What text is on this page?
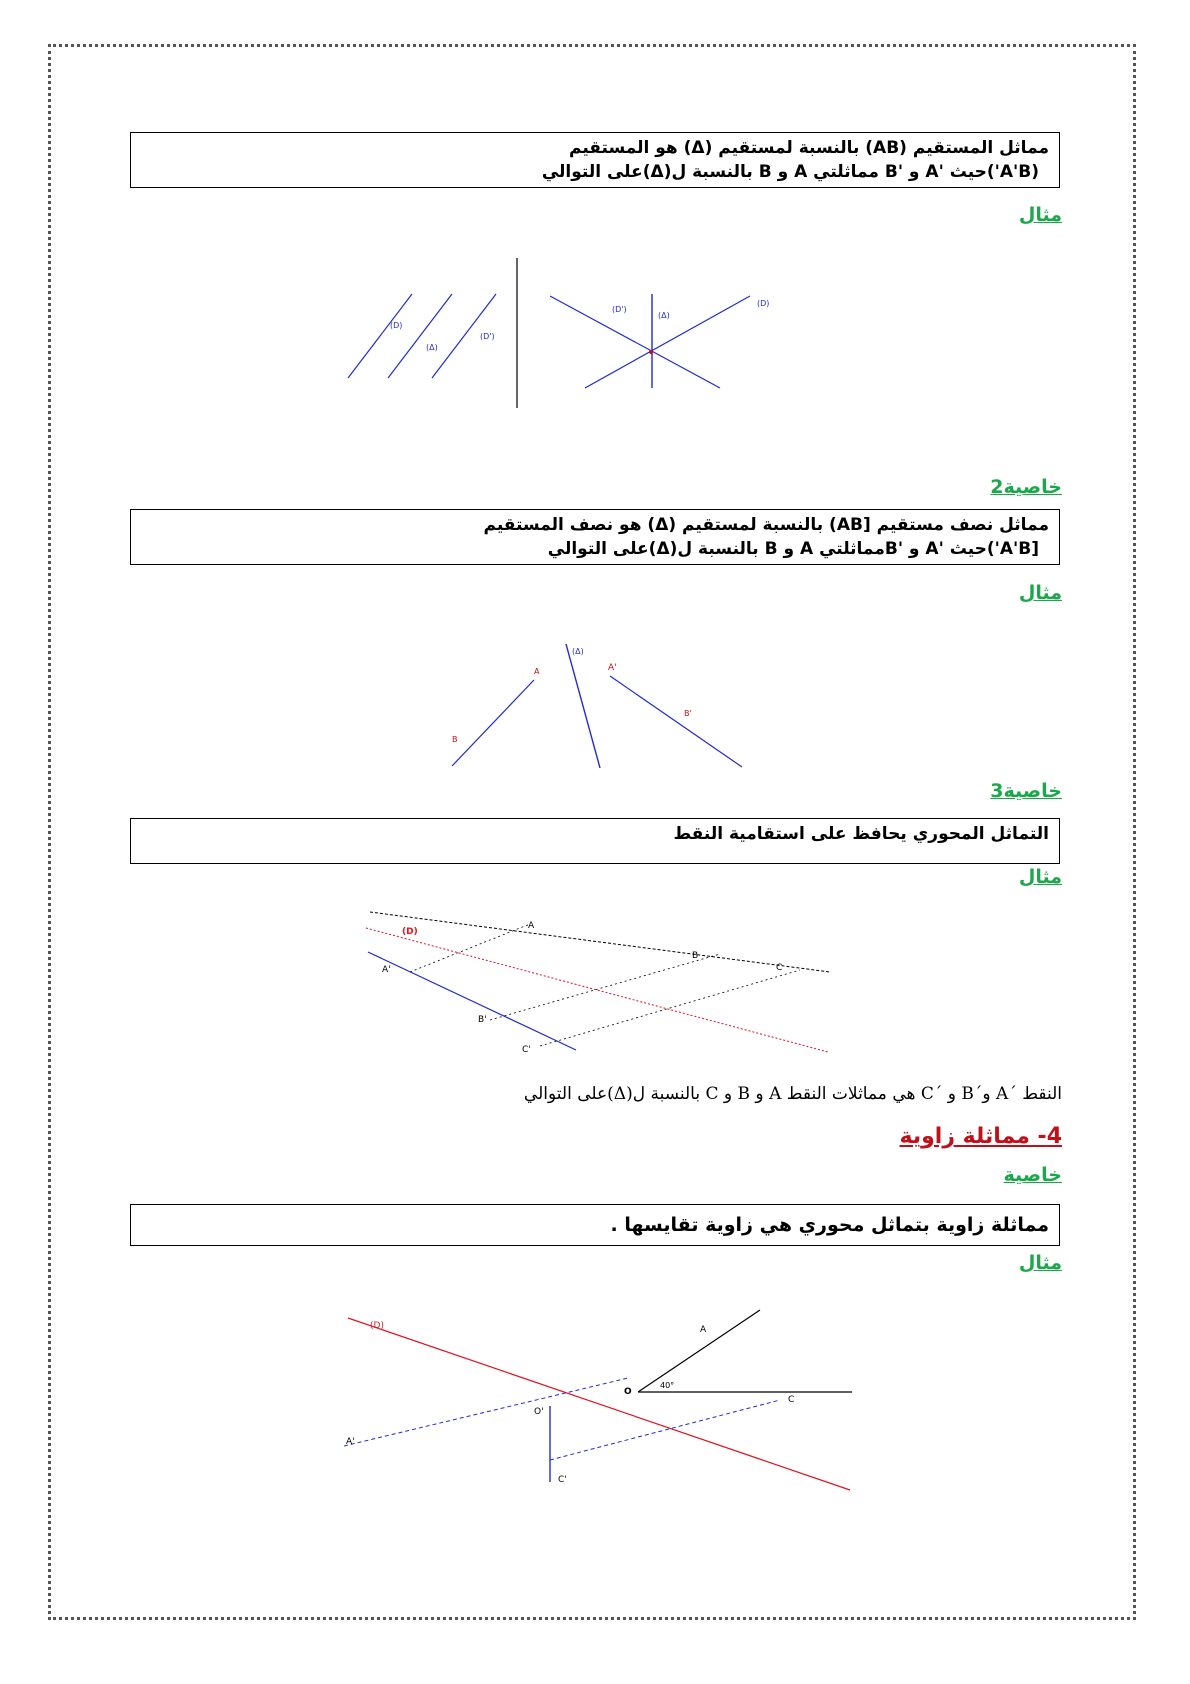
مماثل المستقيم (AB) بالنسبة لمستقيم (Δ) هو المستقيم
(A'B')حيث 'A و 'B مماثلتي A و B بالنسبة ل(Δ)على التوالي
مثال
(D)
(Δ)
(D')
(D')
(Δ)
(D)
خاصية2
مماثل نصف مستقيم [AB) بالنسبة لمستقيم (Δ) هو نصف المستقيم
[A'B')حيث 'A و 'Bمماثلتي A و B بالنسبة ل(Δ)على التوالي
مثال
A
B
(Δ)
A'
B'
خاصية3
التماثل المحوري يحافظ على استقامية النقط
مثال
(D)
A
B
C
A'
B'
C'
النقط ´A و´B و ´C هي مماثلات النقط A و B و C بالنسبة ل(Δ)على التوالي
4- مماثلة زاوية
خاصية
مماثلة زاوية بتماثل محوري هي زاوية تقايسها .
مثال
(D)	A
O
40°
C
O'
A'
C'
